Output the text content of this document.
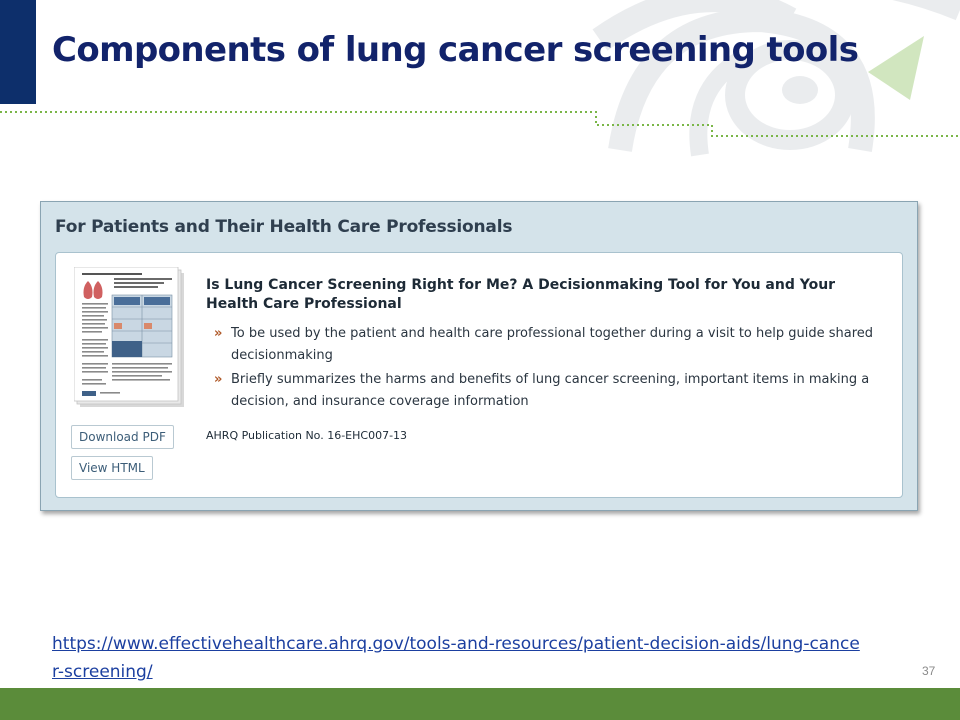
Components of lung cancer screening tools
For Patients and Their Health Care Professionals
Download PDF
View HTML
Is Lung Cancer Screening Right for Me? A Decisionmaking Tool for You and Your Health Care Professional
» To be used by the patient and health care professional together during a visit to help guide shared decisionmaking
» Briefly summarizes the harms and benefits of lung cancer screening, important items in making a decision, and insurance coverage information
AHRQ Publication No. 16-EHC007-13
https://www.effectivehealthcare.ahrq.gov/tools-and-resources/patient-decision-aids/lung-cancer-screening/	37
